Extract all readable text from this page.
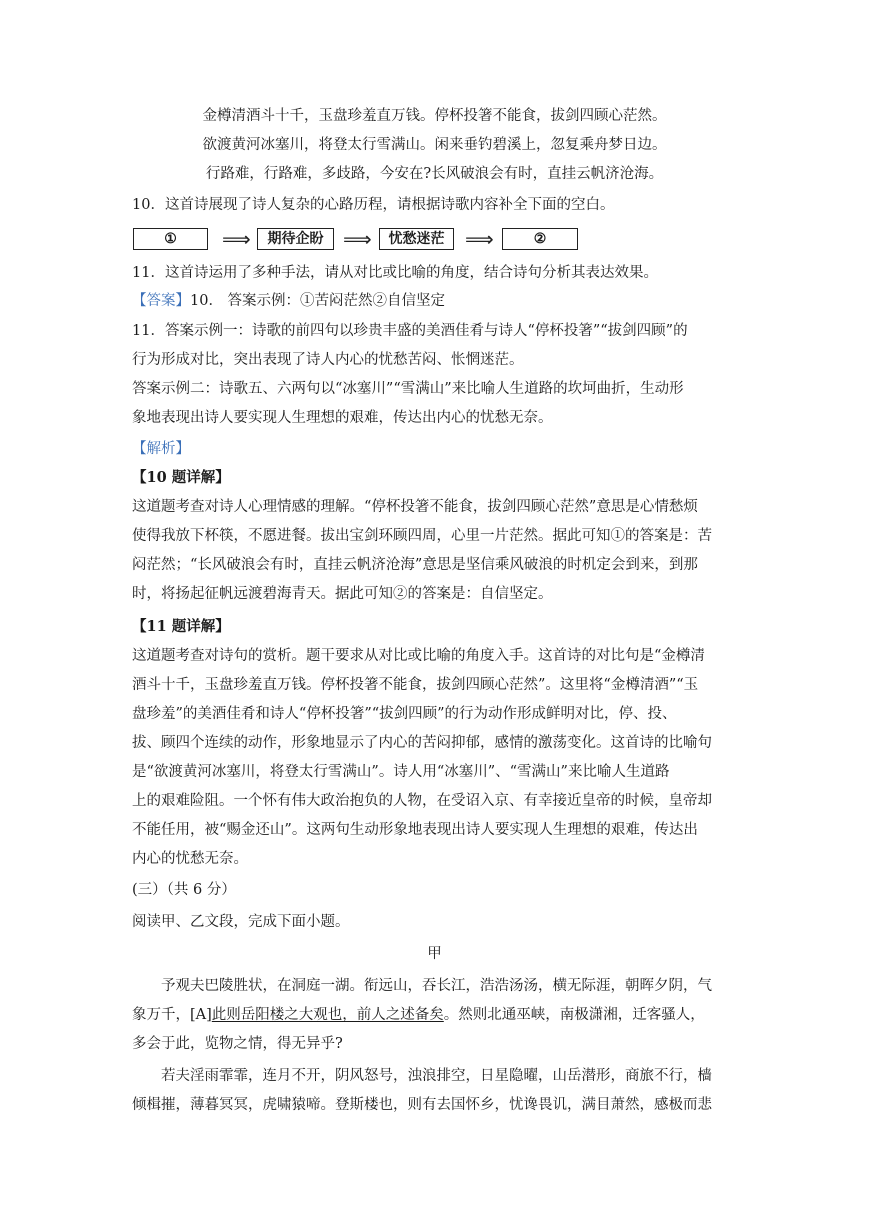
金樽清酒斗十千，玉盘珍羞直万钱。停杯投箸不能食，拔剑四顾心茫然。
欲渡黄河冰塞川，将登太行雪满山。闲来垂钓碧溪上，忽复乘舟梦日边。
行路难，行路难，多歧路，今安在?长风破浪会有时，直挂云帆济沧海。
10．这首诗展现了诗人复杂的心路历程，请根据诗歌内容补全下面的空白。
①	⟹	期待企盼 ⟹	忧愁迷茫	⟹	②
11．这首诗运用了多种手法，请从对比或比喻的角度，结合诗句分析其表达效果。
【答案】10． 答案示例：①苦闷茫然②自信坚定
11．答案示例一：诗歌的前四句以珍贵丰盛的美酒佳肴与诗人“停杯投箸”“拔剑四顾”的
行为形成对比，突出表现了诗人内心的忧愁苦闷、怅惘迷茫。
答案示例二：诗歌五、六两句以“冰塞川”“雪满山”来比喻人生道路的坎坷曲折，生动形
象地表现出诗人要实现人生理想的艰难，传达出内心的忧愁无奈。
【解析】
【10 题详解】
这道题考查对诗人心理情感的理解。“停杯投箸不能食，拔剑四顾心茫然”意思是心情愁烦
使得我放下杯筷，不愿进餐。拔出宝剑环顾四周，心里一片茫然。据此可知①的答案是：苦
闷茫然；“长风破浪会有时，直挂云帆济沧海”意思是坚信乘风破浪的时机定会到来，到那
时，将扬起征帆远渡碧海青天。据此可知②的答案是：自信坚定。
【11 题详解】
这道题考查对诗句的赏析。题干要求从对比或比喻的角度入手。这首诗的对比句是“金樽清
酒斗十千，玉盘珍羞直万钱。停杯投箸不能食，拔剑四顾心茫然”。这里将“金樽清酒”“玉
盘珍羞”的美酒佳肴和诗人“停杯投箸”“拔剑四顾”的行为动作形成鲜明对比，停、投、
拔、顾四个连续的动作，形象地显示了内心的苦闷抑郁，感情的激荡变化。这首诗的比喻句
是“欲渡黄河冰塞川，将登太行雪满山”。诗人用“冰塞川”、“雪满山”来比喻人生道路
上的艰难险阻。一个怀有伟大政治抱负的人物，在受诏入京、有幸接近皇帝的时候，皇帝却
不能任用，被“赐金还山”。这两句生动形象地表现出诗人要实现人生理想的艰难，传达出
内心的忧愁无奈。
(三）（共 6 分）
阅读甲、乙文段，完成下面小题。
甲
予观夫巴陵胜状，在洞庭一湖。衔远山，吞长江，浩浩汤汤，横无际涯，朝晖夕阴，气
象万千，[A]此则岳阳楼之大观也，前人之述备矣。然则北通巫峡，南极潇湘，迁客骚人，
多会于此，览物之情，得无异乎?
若夫淫雨霏霏，连月不开，阴风怒号，浊浪排空，日星隐曜，山岳潜形，商旅不行，樯
倾楫摧，薄暮冥冥，虎啸猿啼。登斯楼也，则有去国怀乡，忧谗畏讥，满目萧然，感极而悲
